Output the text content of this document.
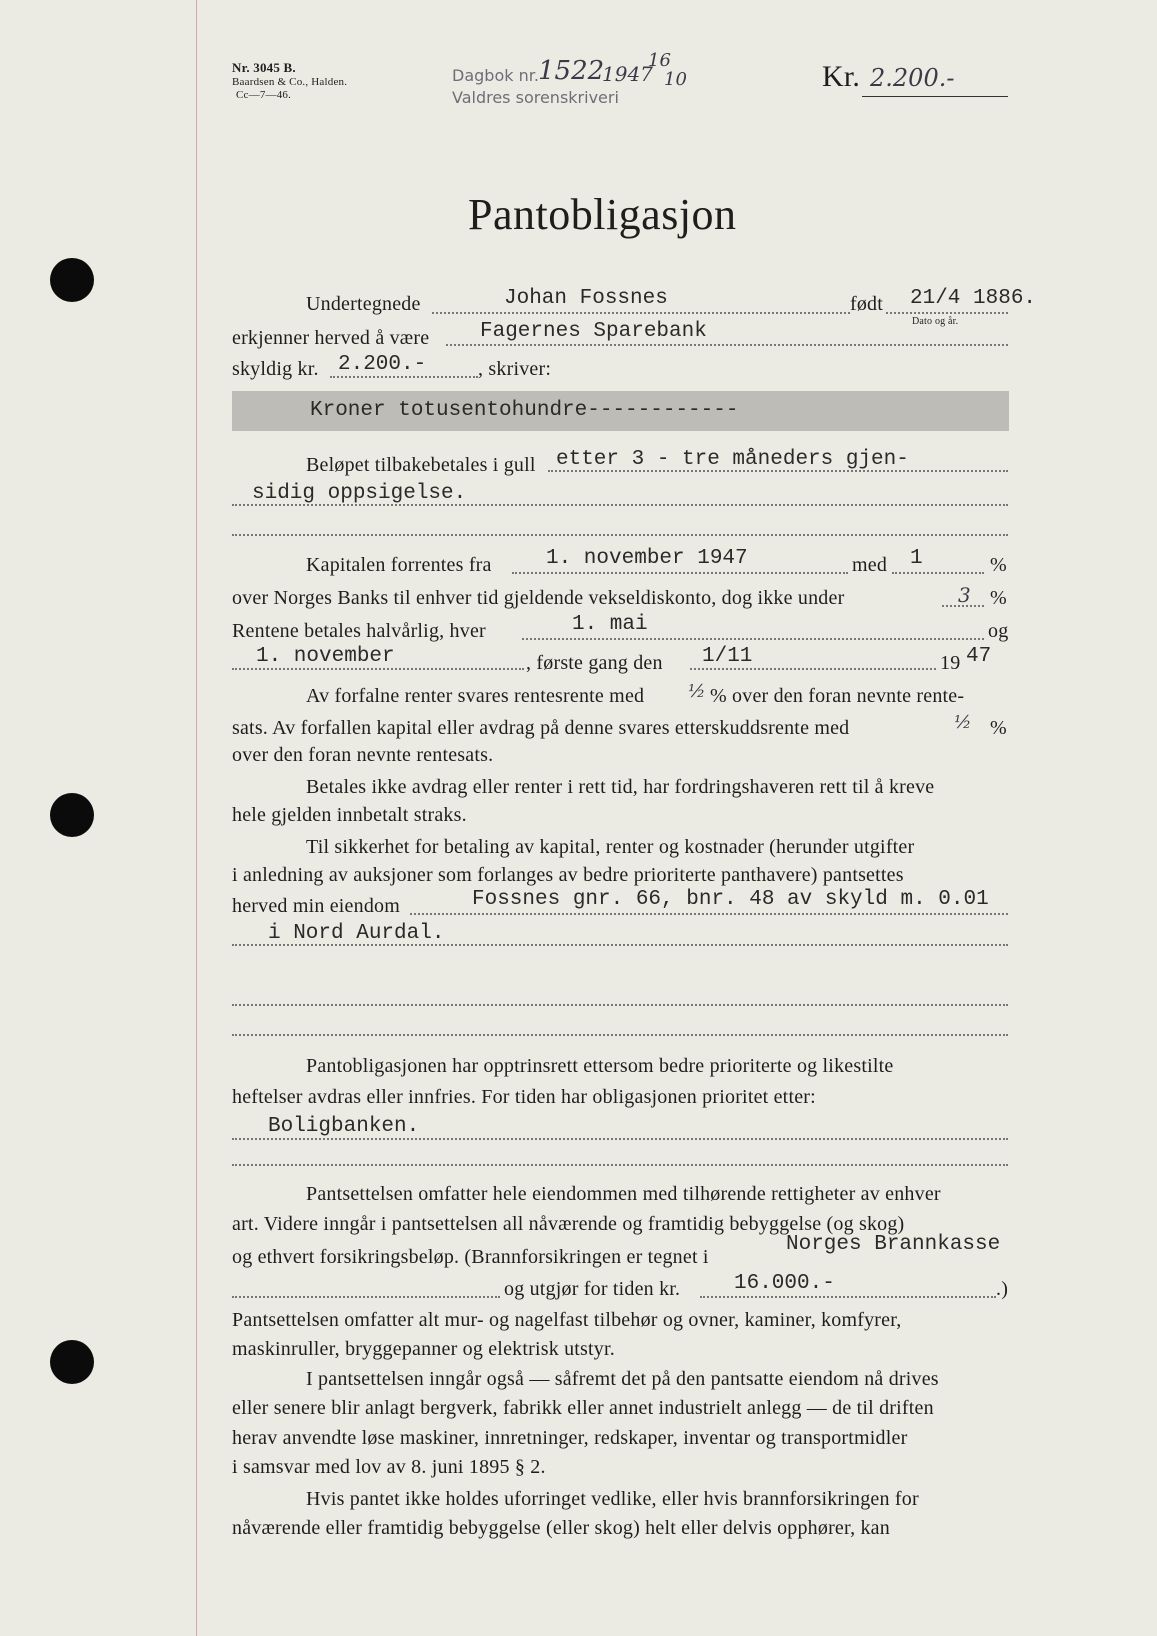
Nr. 3045 B.
Baardsen & Co., Halden.
Cc—7—46.
Dagbok nr. 1522
1947
16
10
Valdres sorenskriveri
Kr. 2.200.-
Pantobligasjon
Undertegnede	Johan Fossnes	født 21/4 1886.
Dato og år.
erkjenner herved å være Fagernes Sparebank
skyldig kr. 2.200.-	, skriver:
Kroner totusentohundre------------
Beløpet tilbakebetales i gull etter 3 - tre måneders gjen-
sidig oppsigelse.
Kapitalen forrentes fra	1. november 1947	med 1	%
over Norges Banks til enhver tid gjeldende vekseldiskonto, dog ikke under	3 %
Rentene betales halvårlig, hver	1. mai	og
1. november	, første gang den 1/11	19 47
Av forfalne renter svares rentesrente med ½ % over den foran nevnte rente-
sats. Av forfallen kapital eller avdrag på denne svares etterskuddsrente med	½ %
over den foran nevnte rentesats.
Betales ikke avdrag eller renter i rett tid, har fordringshaveren rett til å kreve
hele gjelden innbetalt straks.
Til sikkerhet for betaling av kapital, renter og kostnader (herunder utgifter
i anledning av auksjoner som forlanges av bedre prioriterte panthavere) pantsettes
herved min eiendom	Fossnes gnr. 66, bnr. 48 av skyld m. 0.01
i Nord Aurdal.
Pantobligasjonen har opptrinsrett ettersom bedre prioriterte og likestilte
heftelser avdras eller innfries. For tiden har obligasjonen prioritet etter:
Boligbanken.
Pantsettelsen omfatter hele eiendommen med tilhørende rettigheter av enhver
art. Videre inngår i pantsettelsen all nåværende og framtidig bebyggelse (og skog)
og ethvert forsikringsbeløp. (Brannforsikringen er tegnet i
Norges Brannkasse
og utgjør for tiden kr.	16.000.-	.)
Pantsettelsen omfatter alt mur- og nagelfast tilbehør og ovner, kaminer, komfyrer,
maskinruller, bryggepanner og elektrisk utstyr.
I pantsettelsen inngår også — såfremt det på den pantsatte eiendom nå drives
eller senere blir anlagt bergverk, fabrikk eller annet industrielt anlegg — de til driften
herav anvendte løse maskiner, innretninger, redskaper, inventar og transportmidler
i samsvar med lov av 8. juni 1895 § 2.
Hvis pantet ikke holdes uforringet vedlike, eller hvis brannforsikringen for
nåværende eller framtidig bebyggelse (eller skog) helt eller delvis opphører, kan
